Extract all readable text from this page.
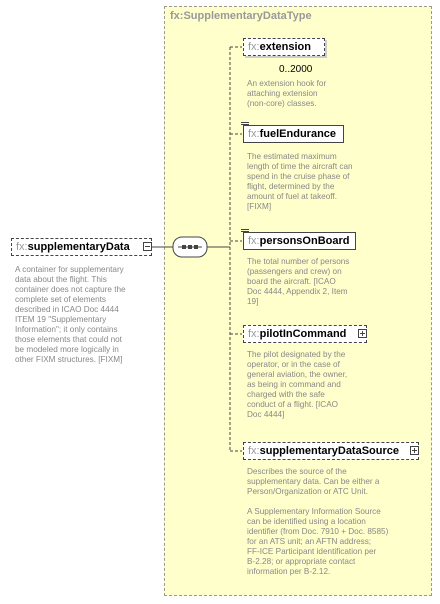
fx:SupplementaryDataType
fx:supplementaryData
A container for supplementary
data about the flight. This
container does not capture the
complete set of elements
described in ICAO Doc 4444
ITEM 19 "Supplementary
Information"; it only contains
those elements that could not
be modeled more logically in
other FIXM structures. [FIXM]
fx:extension
0..2000
An extension hook for
attaching extension
(non-core) classes.
fx:fuelEndurance
The estimated maximum
length of time the aircraft can
spend in the cruise phase of
flight, determined by the
amount of fuel at takeoff.
[FIXM]
fx:personsOnBoard
The total number of persons
(passengers and crew) on
board the aircraft. [ICAO
Doc 4444, Appendix 2, Item
19]
fx:pilotInCommand
The pilot designated by the
operator, or in the case of
general aviation, the owner,
as being in command and
charged with the safe
conduct of a flight. [ICAO
Doc 4444]
fx:supplementaryDataSource
Describes the source of the
supplementary data. Can be either a
Person/Organization or ATC Unit.

A Supplementary Information Source
can be identified using a location
identifier (from Doc. 7910 + Doc. 8585)
for an ATS unit; an AFTN address;
FF-ICE Participant identification per
B-2.28; or appropriate contact
information per B-2.12.
